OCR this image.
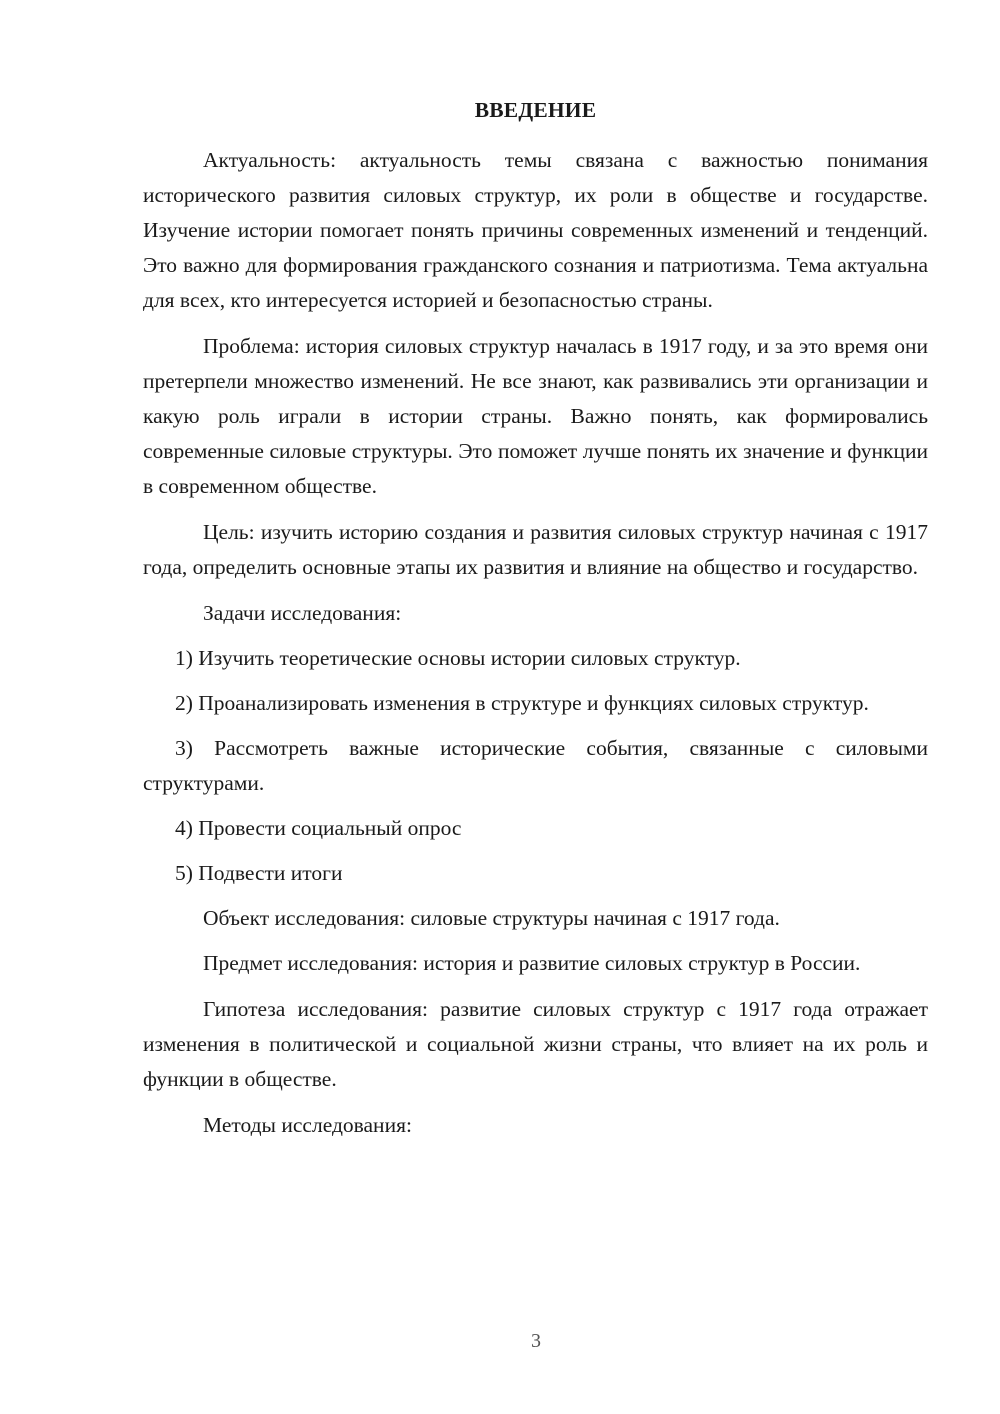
ВВЕДЕНИЕ

Актуальность: актуальность темы связана с важностью понимания исторического развития силовых структур, их роли в обществе и государстве. Изучение истории помогает понять причины современных изменений и тенденций. Это важно для формирования гражданского сознания и патриотизма. Тема актуальна для всех, кто интересуется историей и безопасностью страны.

Проблема: история силовых структур началась в 1917 году, и за это время они претерпели множество изменений. Не все знают, как развивались эти организации и какую роль играли в истории страны. Важно понять, как формировались современные силовые структуры. Это поможет лучше понять их значение и функции в современном обществе.

Цель: изучить историю создания и развития силовых структур начиная с 1917 года, определить основные этапы их развития и влияние на общество и государство.

Задачи исследования:

1) Изучить теоретические основы истории силовых структур.

2) Проанализировать изменения в структуре и функциях силовых структур.

3) Рассмотреть важные исторические события, связанные с силовыми структурами.

4) Провести социальный опрос

5) Подвести итоги

Объект исследования: силовые структуры начиная с 1917 года.

Предмет исследования: история и развитие силовых структур в России.

Гипотеза исследования: развитие силовых структур с 1917 года отражает изменения в политической и социальной жизни страны, что влияет на их роль и функции в обществе.

Методы исследования:

3
